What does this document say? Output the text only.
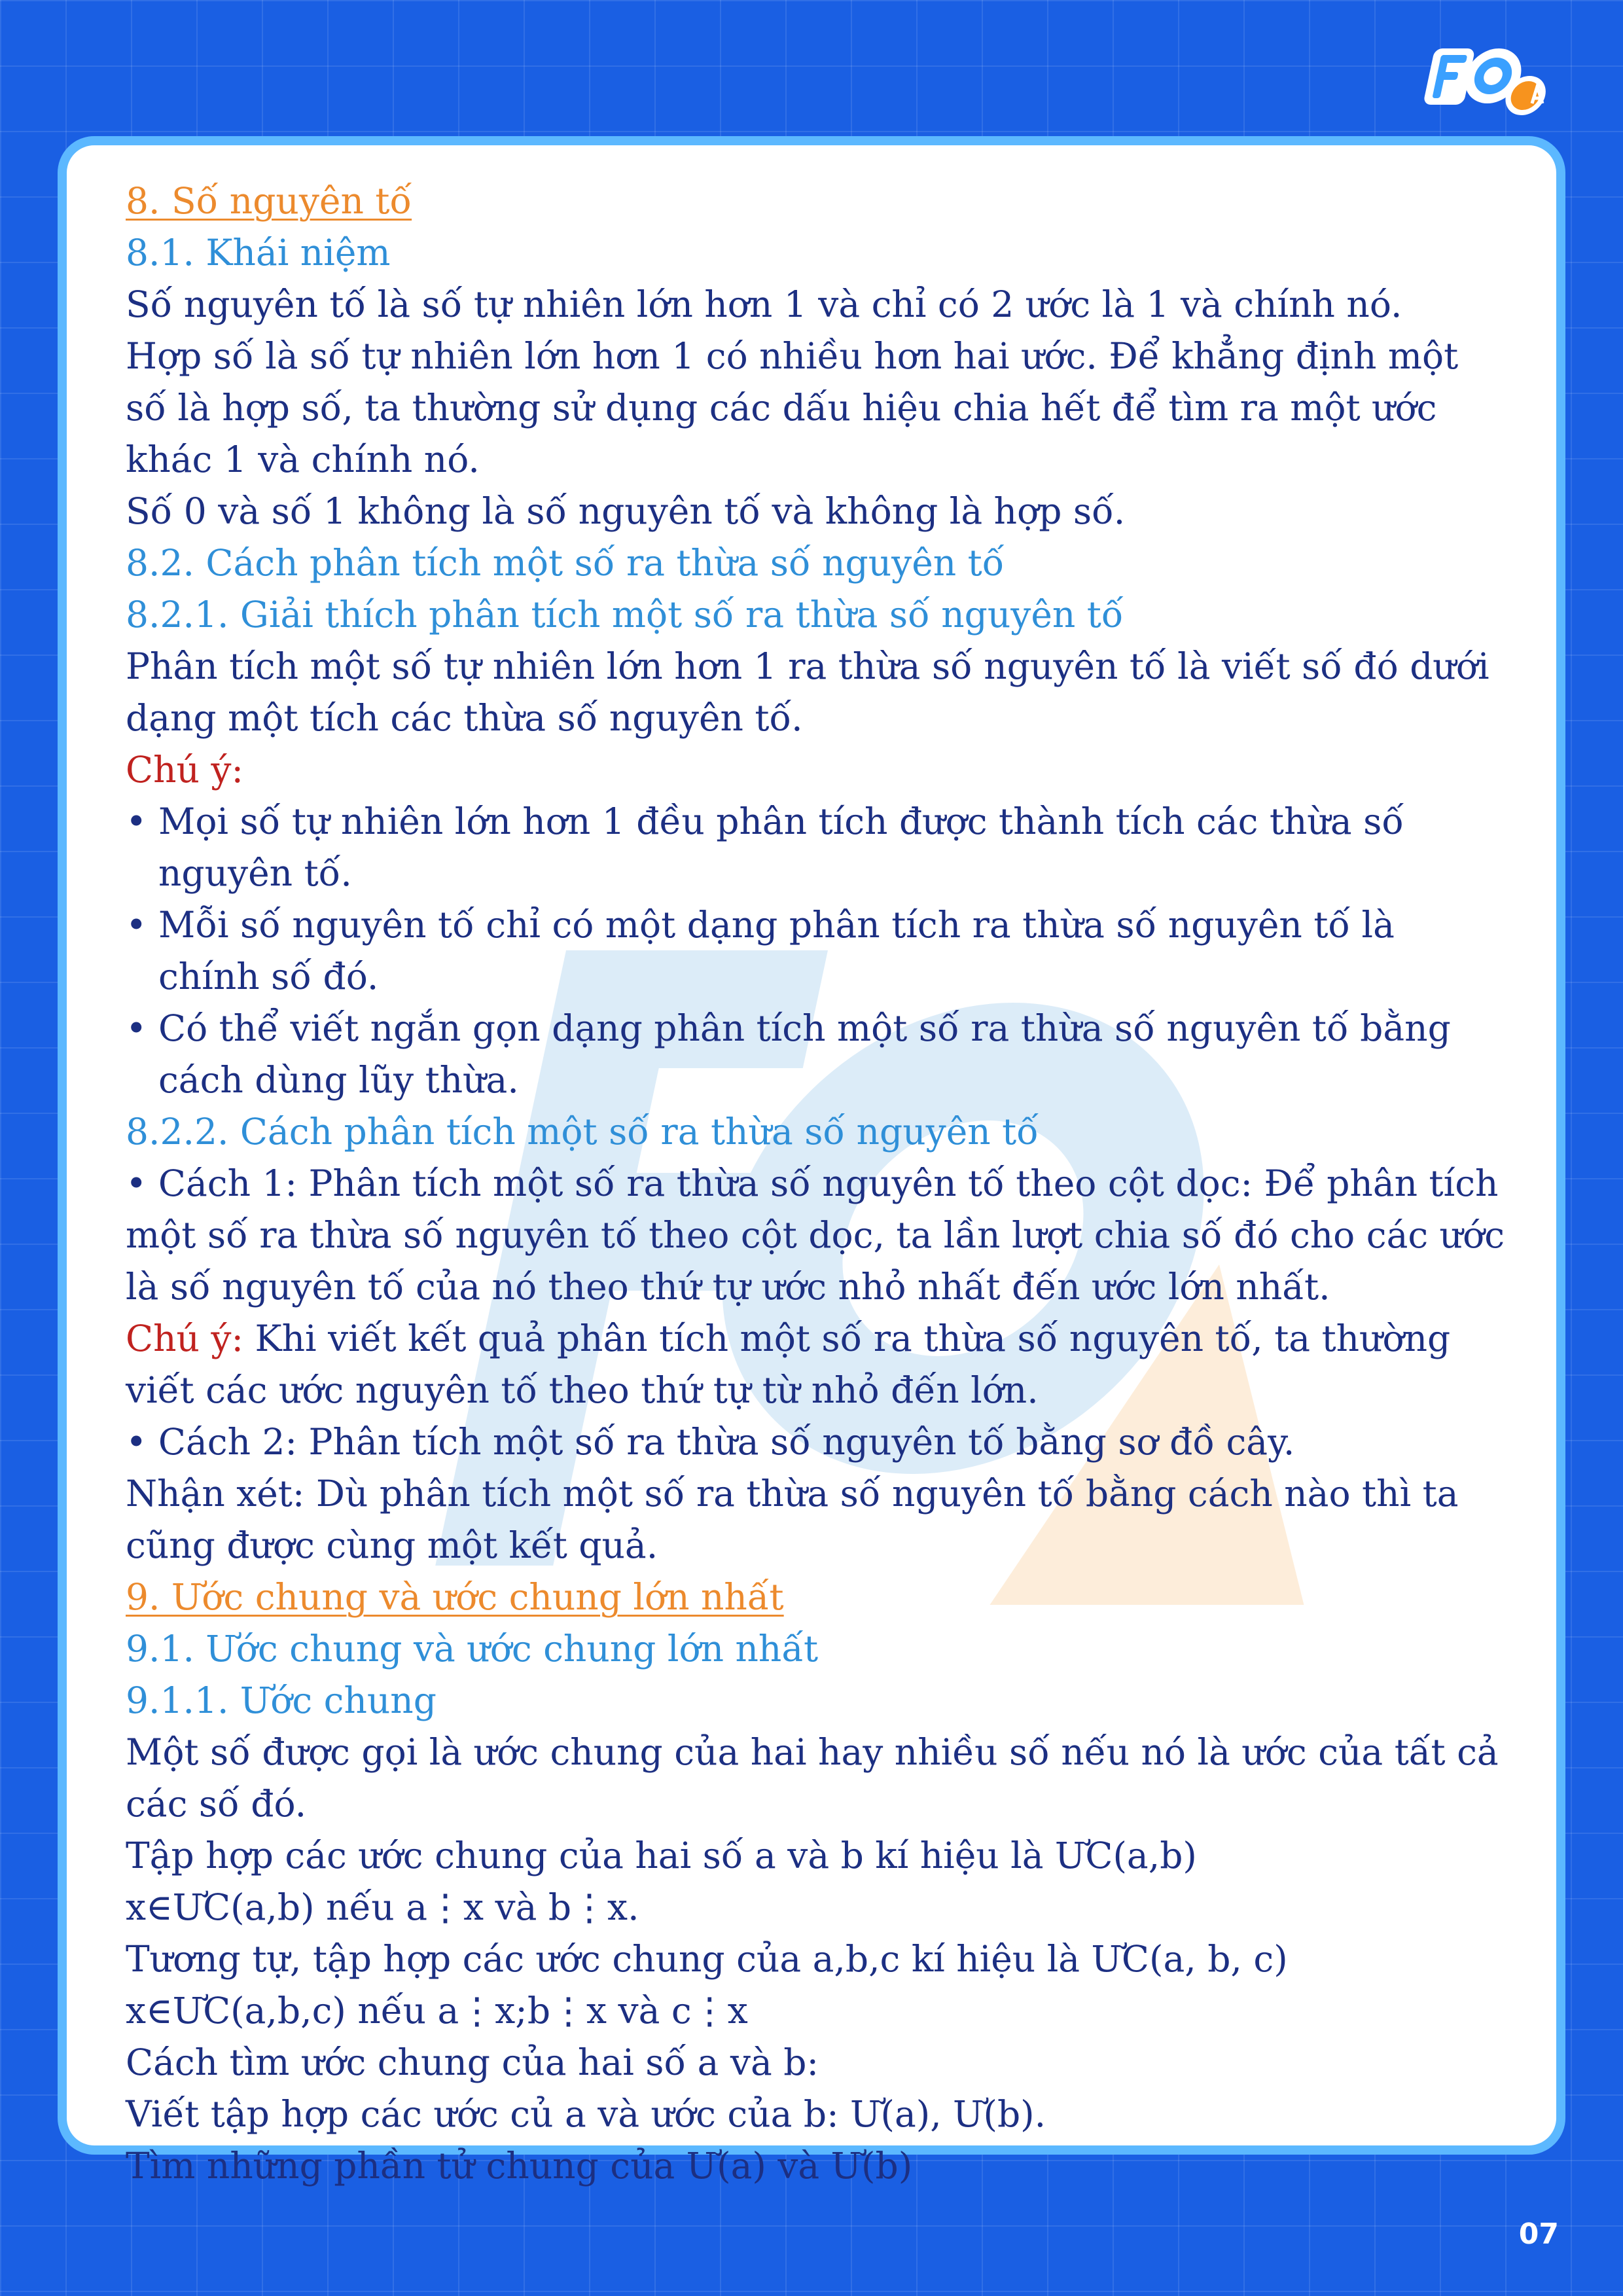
8. Số nguyên tố

8.1. Khái niệm

Số nguyên tố là số tự nhiên lớn hơn 1 và chỉ có 2 ước là 1 và chính nó.

Hợp số là số tự nhiên lớn hơn 1 có nhiều hơn hai ước. Để khẳng định một số là hợp số, ta thường sử dụng các dấu hiệu chia hết để tìm ra một ước khác 1 và chính nó.

Số 0 và số 1 không là số nguyên tố và không là hợp số.

8.2. Cách phân tích một số ra thừa số nguyên tố

8.2.1. Giải thích phân tích một số ra thừa số nguyên tố

Phân tích một số tự nhiên lớn hơn 1 ra thừa số nguyên tố là viết số đó dưới dạng một tích các thừa số nguyên tố.

Chú ý:

• Mọi số tự nhiên lớn hơn 1 đều phân tích được thành tích các thừa số nguyên tố.

• Mỗi số nguyên tố chỉ có một dạng phân tích ra thừa số nguyên tố là chính số đó.

• Có thể viết ngắn gọn dạng phân tích một số ra thừa số nguyên tố bằng cách dùng lũy thừa.

8.2.2. Cách phân tích một số ra thừa số nguyên tố

• Cách 1: Phân tích một số ra thừa số nguyên tố theo cột dọc: Để phân tích một số ra thừa số nguyên tố theo cột dọc, ta lần lượt chia số đó cho các ước là số nguyên tố của nó theo thứ tự ước nhỏ nhất đến ước lớn nhất.

Chú ý: Khi viết kết quả phân tích một số ra thừa số nguyên tố, ta thường viết các ước nguyên tố theo thứ tự từ nhỏ đến lớn.

• Cách 2: Phân tích một số ra thừa số nguyên tố bằng sơ đồ cây.

Nhận xét: Dù phân tích một số ra thừa số nguyên tố bằng cách nào thì ta cũng được cùng một kết quả.

9. Ước chung và ước chung lớn nhất

9.1. Ước chung và ước chung lớn nhất

9.1.1. Ước chung

Một số được gọi là ước chung của hai hay nhiều số nếu nó là ước của tất cả các số đó.

Tập hợp các ước chung của hai số a và b kí hiệu là ƯC(a,b)

x∈ƯC(a,b) nếu a⋮x và b⋮x.

Tương tự, tập hợp các ước chung của a,b,c kí hiệu là ƯC(a, b, c)

x∈ƯC(a,b,c) nếu a⋮x;b⋮x và c⋮x

Cách tìm ước chung của hai số a và b:

Viết tập hợp các ước củ a và ước của b: Ư(a), Ư(b).

Tìm những phần tử chung của Ư(a) và Ư(b)

07
